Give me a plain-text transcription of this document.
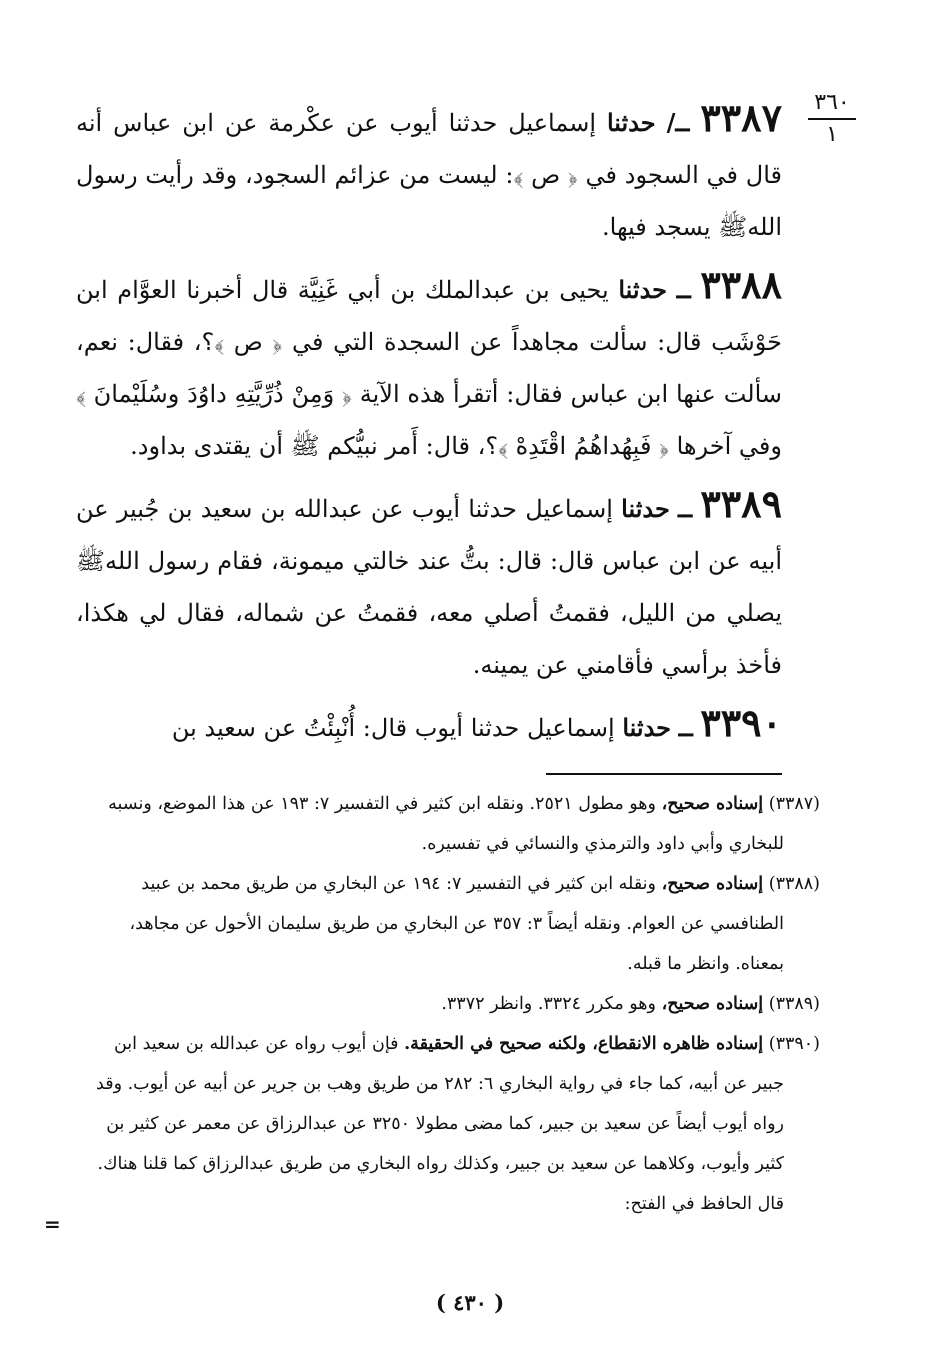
٣٦٠
١

٣٣٨٧ ــ/ حدثنا إسماعيل حدثنا أيوب عن عكْرمة عن ابن عباس أنه قال في السجود في ﴿ ص ﴾: ليست من عزائم السجود، وقد رأيت رسول اللهﷺ يسجد فيها.

٣٣٨٨ ــ حدثنا يحيى بن عبدالملك بن أبي غَنِيَّة قال أخبرنا العوَّام ابن حَوْشَب قال: سألت مجاهداً عن السجدة التي في ﴿ ص ﴾؟، فقال: نعم، سألت عنها ابن عباس فقال: أتقرأ هذه الآية ﴿ وَمِنْ ذُرِّيَّتِهِ داوُدَ وسُلَيْمانَ ﴾ وفي آخرها ﴿ فَبِهُداهُمُ اقْتَدِهْ ﴾؟، قال: أَمر نبيُّكم ﷺ أن يقتدى بداود.

٣٣٨٩ ــ حدثنا إسماعيل حدثنا أيوب عن عبدالله بن سعيد بن جُبير عن أبيه عن ابن عباس قال: قال: بتُّ عند خالتي ميمونة، فقام رسول اللهﷺ يصلي من الليل، فقمتُ أصلي معه، فقمتُ عن شماله، فقال لي هكذا، فأخذ برأسي فأقامني عن يمينه.

٣٣٩٠ ــ حدثنا إسماعيل حدثنا أيوب قال: أُنْبِئْتُ عن سعيد بن

(٣٣٨٧) إسناده صحيح، وهو مطول ٢٥٢١. ونقله ابن كثير في التفسير ٧: ١٩٣ عن هذا الموضع، ونسبه للبخاري وأبي داود والترمذي والنسائي في تفسيره.

(٣٣٨٨) إسناده صحيح، ونقله ابن كثير في التفسير ٧: ١٩٤ عن البخاري من طريق محمد بن عبيد الطنافسي عن العوام. ونقله أيضاً ٣: ٣٥٧ عن البخاري من طريق سليمان الأحول عن مجاهد، بمعناه. وانظر ما قبله.

(٣٣٨٩) إسناده صحيح، وهو مكرر ٣٣٢٤. وانظر ٣٣٧٢.

(٣٣٩٠) إسناده ظاهره الانقطاع، ولكنه صحيح في الحقيقة. فإن أيوب رواه عن عبدالله بن سعيد ابن جبير عن أبيه، كما جاء في رواية البخاري ٦: ٢٨٢ من طريق وهب بن جرير عن أبيه عن أيوب. وقد رواه أيوب أيضاً عن سعيد بن جبير، كما مضى مطولا ٣٢٥٠ عن عبدالرزاق عن معمر عن كثير بن كثير وأيوب، وكلاهما عن سعيد بن جبير، وكذلك رواه البخاري من طريق عبدالرزاق كما قلنا هناك. قال الحافظ في الفتح:

=
( ٤٣٠ )
